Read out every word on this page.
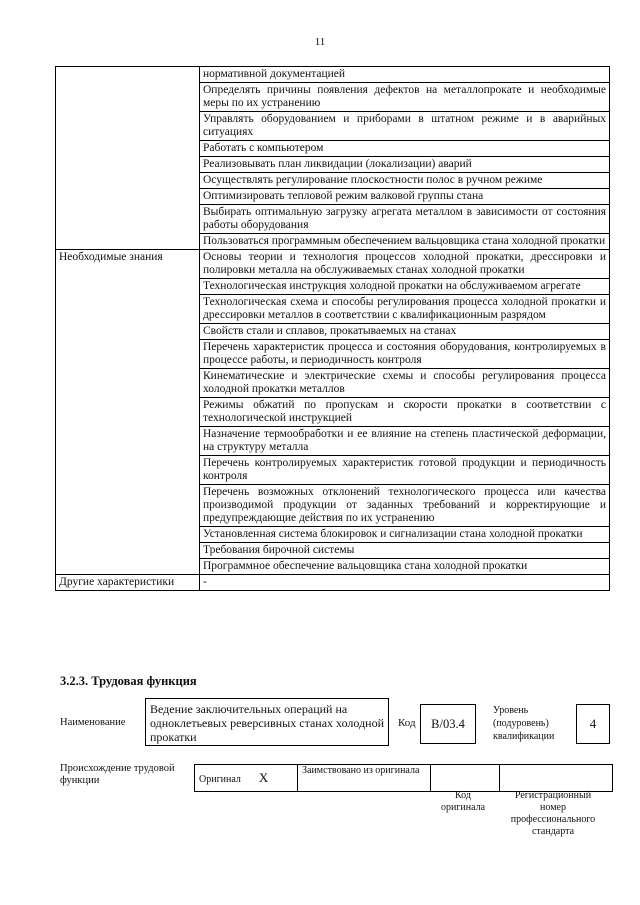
11
	нормативной документацией
	Определять причины появления дефектов на металлопрокате и необходимые меры по их устранению
	Управлять оборудованием и приборами в штатном режиме и в аварийных ситуациях
	Работать с компьютером
	Реализовывать план ликвидации (локализации) аварий
	Осуществлять регулирование плоскостности полос в ручном режиме
	Оптимизировать тепловой режим валковой группы стана
	Выбирать оптимальную загрузку агрегата металлом в зависимости от состояния работы оборудования
	Пользоваться программным обеспечением вальцовщика стана холодной прокатки
Необходимые знания	Основы теории и технология процессов холодной прокатки, дрессировки и полировки металла на обслуживаемых станах холодной прокатки
	Технологическая инструкция холодной прокатки на обслуживаемом агрегате
	Технологическая схема и способы регулирования процесса холодной прокатки и дрессировки металлов в соответствии с квалификационным разрядом
	Свойств стали и сплавов, прокатываемых на станах
	Перечень характеристик процесса и состояния оборудования, контролируемых в процессе работы, и периодичность контроля
	Кинематические и электрические схемы и способы регулирования процесса холодной прокатки металлов
	Режимы обжатий по пропускам и скорости прокатки в соответствии с технологической инструкцией
	Назначение термообработки и ее влияние на степень пластической деформации, на структуру металла
	Перечень контролируемых характеристик готовой продукции и периодичность контроля
	Перечень возможных отклонений технологического процесса или качества производимой продукции от заданных требований и корректирующие и предупреждающие действия по их устранению
	Установленная система блокировок и сигнализации стана холодной прокатки
	Требования бирочной системы
	Программное обеспечение вальцовщика стана холодной прокатки
Другие характеристики	-
3.2.3. Трудовая функция
Наименование
Ведение заключительных операций на одноклетьевых реверсивных станах холодной прокатки
Код	B/03.4
Уровень
(подуровень)
квалификации
4
Происхождение трудовой функции	Оригинал X	Заимствовано из оригинала		
Код
оригинала
Регистрационный
номер
профессионального
стандарта
